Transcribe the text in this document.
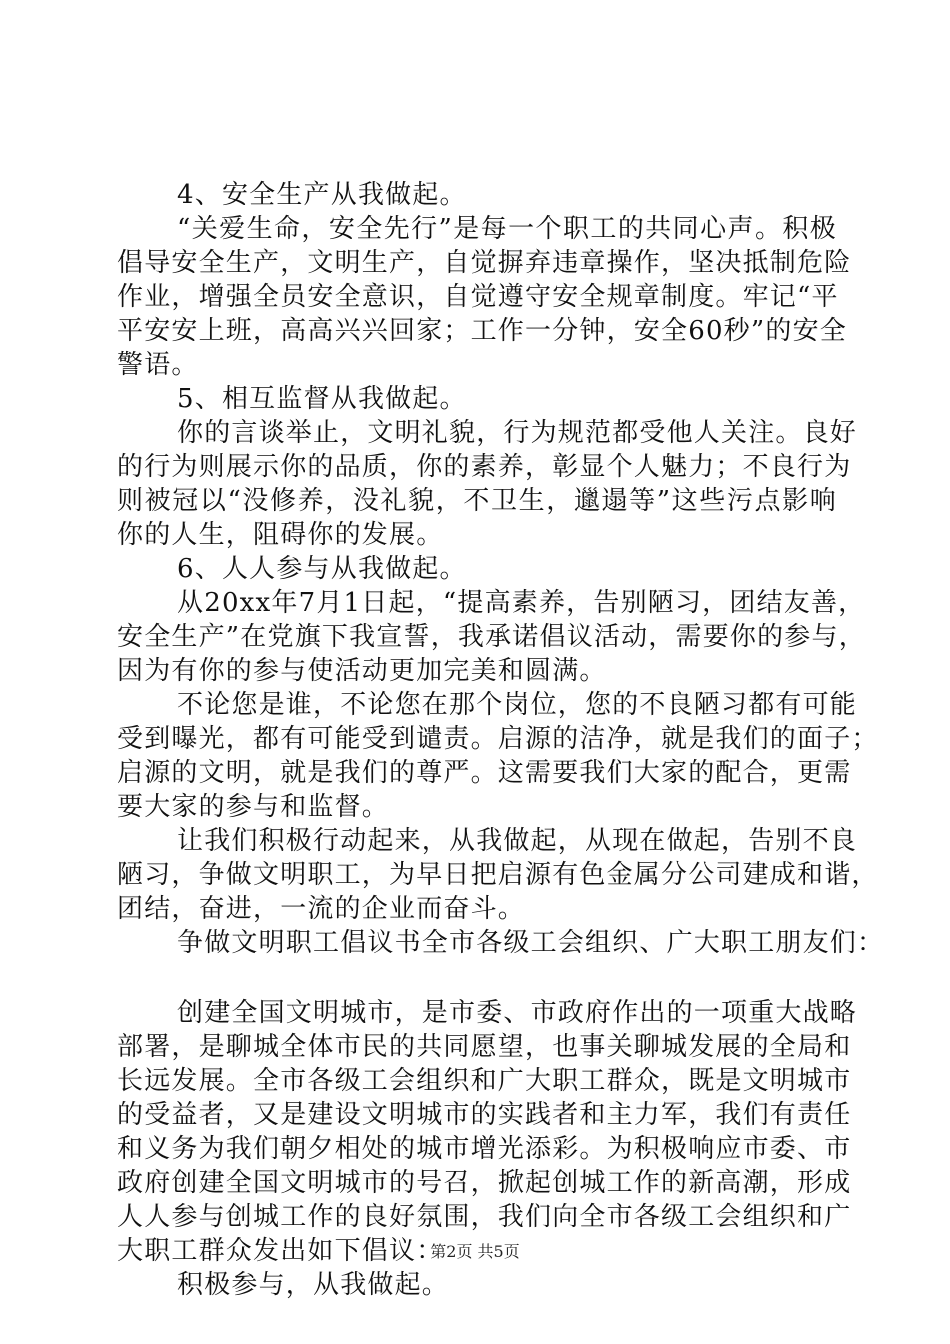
4、安全生产从我做起。
“关爱生命，安全先行”是每一个职工的共同心声。积极
倡导安全生产，文明生产，自觉摒弃违章操作，坚决抵制危险
作业，增强全员安全意识，自觉遵守安全规章制度。牢记“平
平安安上班，高高兴兴回家；工作一分钟，安全60秒”的安全
警语。
5、相互监督从我做起。
你的言谈举止，文明礼貌，行为规范都受他人关注。良好
的行为则展示你的品质，你的素养，彰显个人魅力；不良行为
则被冠以“没修养，没礼貌，不卫生，邋遢等”这些污点影响
你的人生，阻碍你的发展。
6、人人参与从我做起。
从20xx年7月1日起，“提高素养，告别陋习，团结友善，
安全生产”在党旗下我宣誓，我承诺倡议活动，需要你的参与，
因为有你的参与使活动更加完美和圆满。
不论您是谁，不论您在那个岗位，您的不良陋习都有可能
受到曝光，都有可能受到谴责。启源的洁净，就是我们的面子；
启源的文明，就是我们的尊严。这需要我们大家的配合，更需
要大家的参与和监督。
让我们积极行动起来，从我做起，从现在做起，告别不良
陋习，争做文明职工，为早日把启源有色金属分公司建成和谐，
团结，奋进，一流的企业而奋斗。
争做文明职工倡议书全市各级工会组织、广大职工朋友们：
创建全国文明城市，是市委、市政府作出的一项重大战略
部署，是聊城全体市民的共同愿望，也事关聊城发展的全局和
长远发展。全市各级工会组织和广大职工群众，既是文明城市
的受益者，又是建设文明城市的实践者和主力军，我们有责任
和义务为我们朝夕相处的城市增光添彩。为积极响应市委、市
政府创建全国文明城市的号召，掀起创城工作的新高潮，形成
人人参与创城工作的良好氛围，我们向全市各级工会组织和广
大职工群众发出如下倡议：
积极参与，从我做起。
第2页 共5页
